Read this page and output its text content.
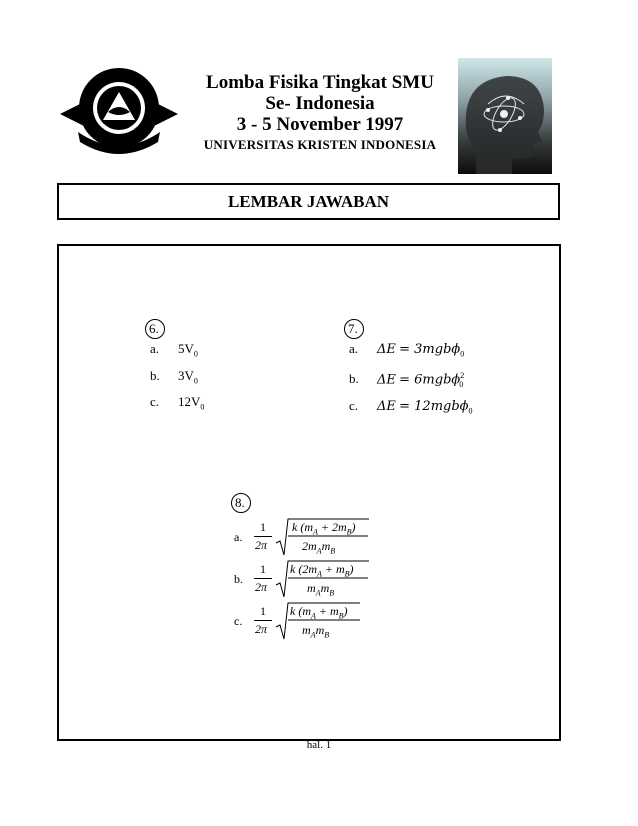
Lomba Fisika Tingkat SMU
Se- Indonesia
3 - 5 November 1997
UNIVERSITAS KRISTEN INDONESIA
LEMBAR JAWABAN
6.
a. $5V_0$
b. $3V_0$
c. $12V_0$
7.
a. ΔE = 3mgbϕ$_0$
b. ΔE = 6mgbϕ$^2_0$
c. ΔE = 12mgbϕ$_0$
8.
a.
1
2π
k $(m_A + 2m_B)$
$2m_Am_B$
b.
1
2π
k $(2m_A + m_B)$
$m_Am_B$
c.
1
2π
k $(m_A + m_B)$
$m_Am_B$
hal. 1
